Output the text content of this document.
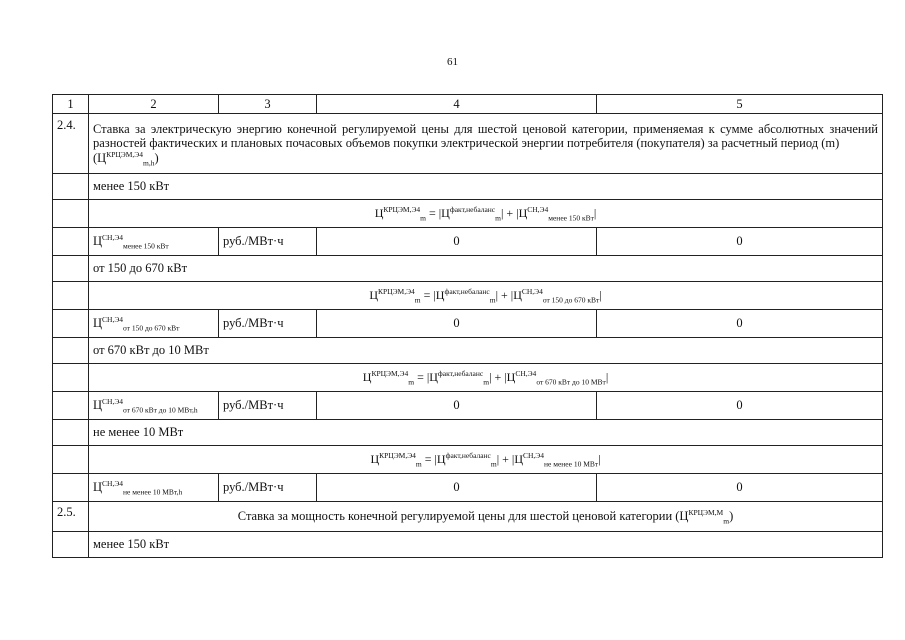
61
1	2	3	4	5
2.4.	Ставка за электрическую энергию конечной регулируемой цены для шестой ценовой категории, применяемая к сумме абсолютных значений разностей фактических и плановых почасовых объемов покупки электрической энергии потребителя (покупателя) за расчетный период (m)
$(Ц^{КРЦЭМ,Э4}_{m,h})$			
	менее 150 кВт			
	$Ц^{КРЦЭМ,Э4}_m = |Ц^{факт,небаланс}_m| + |Ц^{СН,Э4}_{менее 150 кВт}|$			
	$Ц^{СН,Э4}_{менее 150 кВт}$	руб./МВт·ч	0	0
	от 150 до 670 кВт			
	$Ц^{КРЦЭМ,Э4}_m = |Ц^{факт,небаланс}_m| + |Ц^{СН,Э4}_{от 150 до 670 кВт}|$			
	$Ц^{СН,Э4}_{от 150 до 670 кВт}$	руб./МВт·ч	0	0
	от 670 кВт до 10 МВт			
	$Ц^{КРЦЭМ,Э4}_m = |Ц^{факт,небаланс}_m| + |Ц^{СН,Э4}_{от 670 кВт до 10 МВт}|$			
	$Ц^{СН,Э4}_{от 670 кВт до 10 МВт,h}$	руб./МВт·ч	0	0
	не менее 10 МВт			
	$Ц^{КРЦЭМ,Э4}_m = |Ц^{факт,небаланс}_m| + |Ц^{СН,Э4}_{не менее 10 МВт}|$			
	$Ц^{СН,Э4}_{не менее 10 МВт,h}$	руб./МВт·ч	0	0
2.5.	Ставка за мощность конечной регулируемой цены для шестой ценовой категории $(Ц^{КРЦЭМ,М}_m)$			
	менее 150 кВт			
